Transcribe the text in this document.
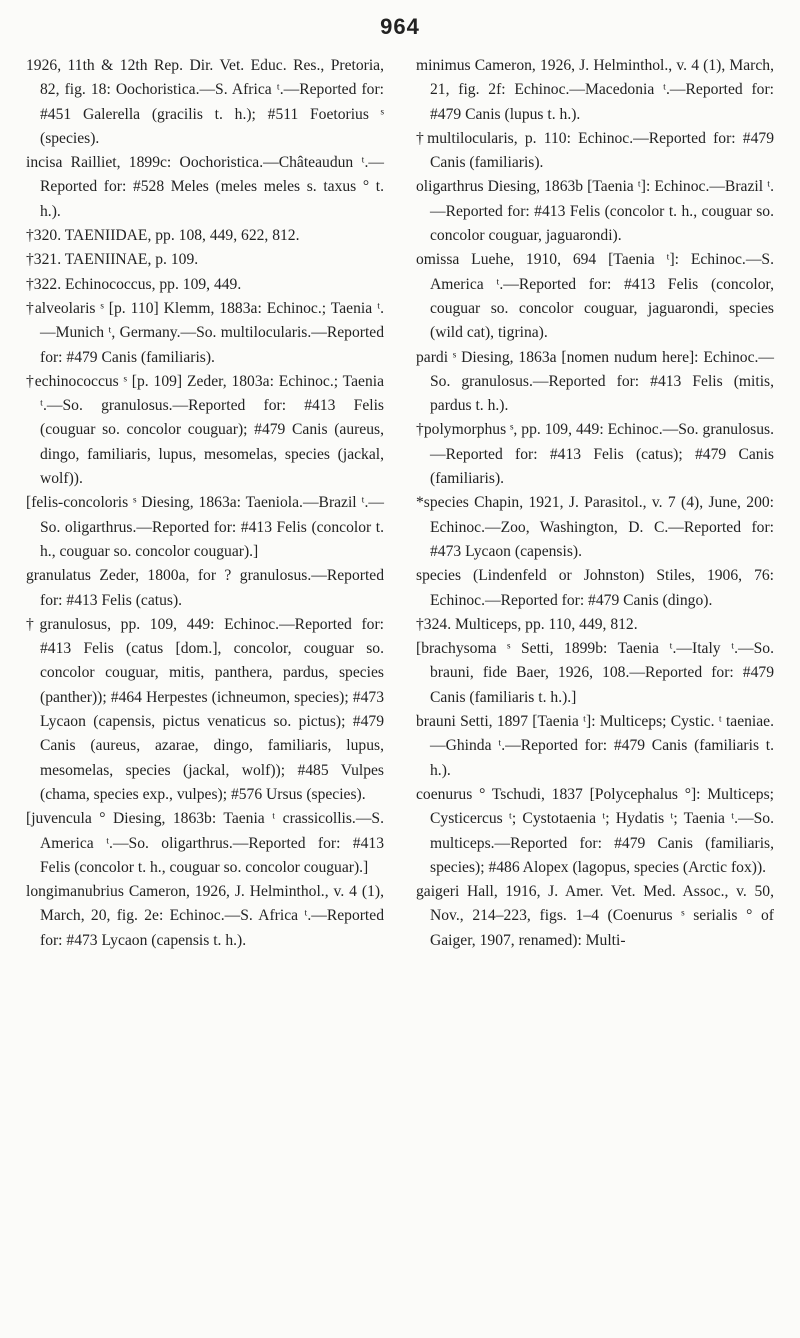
964

1926, 11th & 12th Rep. Dir. Vet. Educ. Res., Pretoria, 82, fig. 18: Oochoristica.—S. Africa ᵗ.—Reported for: #451 Galerella (gracilis t. h.); #511 Foetorius ˢ (species).

incisa Railliet, 1899c: Oochoristica.—Châteaudun ᵗ.—Reported for: #528 Meles (meles meles s. taxus ° t. h.).

†320. TAENIIDAE, pp. 108, 449, 622, 812.

†321. TAENIINAE, p. 109.

†322. Echinococcus, pp. 109, 449.

†alveolaris ˢ [p. 110] Klemm, 1883a: Echinoc.; Taenia ᵗ.—Munich ᵗ, Germany.—So. multilocularis.—Reported for: #479 Canis (familiaris).

†echinococcus ˢ [p. 109] Zeder, 1803a: Echinoc.; Taenia ᵗ.—So. granulosus.—Reported for: #413 Felis (couguar so. concolor couguar); #479 Canis (aureus, dingo, familiaris, lupus, mesomelas, species (jackal, wolf)).

[felis-concoloris ˢ Diesing, 1863a: Taeniola.—Brazil ᵗ.—So. oligarthrus.—Reported for: #413 Felis (concolor t. h., couguar so. concolor couguar).]

granulatus Zeder, 1800a, for ? granulosus.—Reported for: #413 Felis (catus).

†granulosus, pp. 109, 449: Echinoc.—Reported for: #413 Felis (catus [dom.], concolor, couguar so. concolor couguar, mitis, panthera, pardus, species (panther)); #464 Herpestes (ichneumon, species); #473 Lycaon (capensis, pictus venaticus so. pictus); #479 Canis (aureus, azarae, dingo, familiaris, lupus, mesomelas, species (jackal, wolf)); #485 Vulpes (chama, species exp., vulpes); #576 Ursus (species).

[juvencula ° Diesing, 1863b: Taenia ᵗ crassicollis.—S. America ᵗ.—So. oligarthrus.—Reported for: #413 Felis (concolor t. h., couguar so. concolor couguar).]

longimanubrius Cameron, 1926, J. Helminthol., v. 4 (1), March, 20, fig. 2e: Echinoc.—S. Africa ᵗ.—Reported for: #473 Lycaon (capensis t. h.).

minimus Cameron, 1926, J. Helminthol., v. 4 (1), March, 21, fig. 2f: Echinoc.—Macedonia ᵗ.—Reported for: #479 Canis (lupus t. h.).

†multilocularis, p. 110: Echinoc.—Reported for: #479 Canis (familiaris).

oligarthrus Diesing, 1863b [Taenia ᵗ]: Echinoc.—Brazil ᵗ.—Reported for: #413 Felis (concolor t. h., couguar so. concolor couguar, jaguarondi).

omissa Luehe, 1910, 694 [Taenia ᵗ]: Echinoc.—S. America ᵗ.—Reported for: #413 Felis (concolor, couguar so. concolor couguar, jaguarondi, species (wild cat), tigrina).

pardi ˢ Diesing, 1863a [nomen nudum here]: Echinoc.—So. granulosus.—Reported for: #413 Felis (mitis, pardus t. h.).

†polymorphus ˢ, pp. 109, 449: Echinoc.—So. granulosus.—Reported for: #413 Felis (catus); #479 Canis (familiaris).

*species Chapin, 1921, J. Parasitol., v. 7 (4), June, 200: Echinoc.—Zoo, Washington, D. C.—Reported for: #473 Lycaon (capensis).

species (Lindenfeld or Johnston) Stiles, 1906, 76: Echinoc.—Reported for: #479 Canis (dingo).

†324. Multiceps, pp. 110, 449, 812.

[brachysoma ˢ Setti, 1899b: Taenia ᵗ.—Italy ᵗ.—So. brauni, fide Baer, 1926, 108.—Reported for: #479 Canis (familiaris t. h.).]

brauni Setti, 1897 [Taenia ᵗ]: Multiceps; Cystic. ᵗ taeniae.—Ghinda ᵗ.—Reported for: #479 Canis (familiaris t. h.).

coenurus ° Tschudi, 1837 [Polycephalus °]: Multiceps; Cysticercus ᵗ; Cystotaenia ᵗ; Hydatis ᵗ; Taenia ᵗ.—So. multiceps.—Reported for: #479 Canis (familiaris, species); #486 Alopex (lagopus, species (Arctic fox)).

gaigeri Hall, 1916, J. Amer. Vet. Med. Assoc., v. 50, Nov., 214–223, figs. 1–4 (Coenurus ˢ serialis ° of Gaiger, 1907, renamed): Multi-
